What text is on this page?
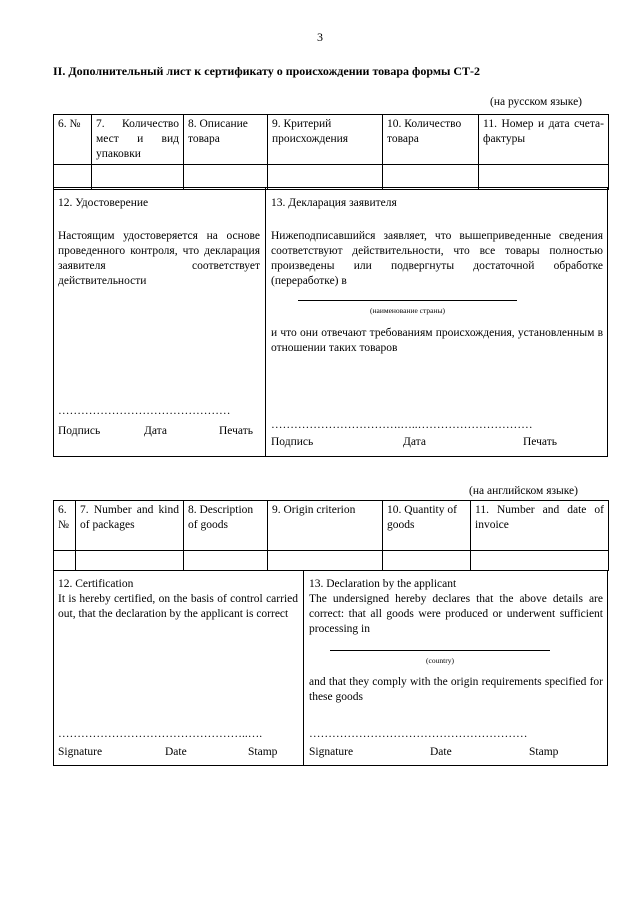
3
II. Дополнительный лист к сертификату о происхождении товара формы СТ-2
(на русском языке)
6. №	7. Количество мест и вид упаковки	8. Описание товара	9. Критерий происхождения	10. Количество товара	11. Номер и дата счета-фактуры

12. Удостоверение
Настоящим удостоверяется на основе проведенного контроля, что декларация заявителя соответствует действительности
………………………………………
Подпись	Дата	Печать
13. Декларация заявителя
Нижеподписавшийся заявляет, что вышеприведенные сведения соответствуют действительности, что все товары полностью произведены или подвергнуты достаточной обработке (переработке) в
(наименование страны)
и что они отвечают требованиям происхождения, установленным в отношении таких товаров
…………………………….…..…………………………
Подпись	Дата	Печать
(на английском языке)
6. №	7. Number and kind of packages	8. Description of goods	9. Origin criterion	10. Quantity of goods	11. Number and date of invoice

12. Certification
It is hereby certified, on the basis of control carried out, that the declaration by the applicant is correct
…………………………………………..….
Signature	Date	Stamp
13. Declaration by the applicant
The undersigned hereby declares that the above details are correct: that all goods were produced or underwent sufficient processing in
(country)
and that they comply with the origin requirements specified for these goods
…………………………………………………
Signature	Date	Stamp
